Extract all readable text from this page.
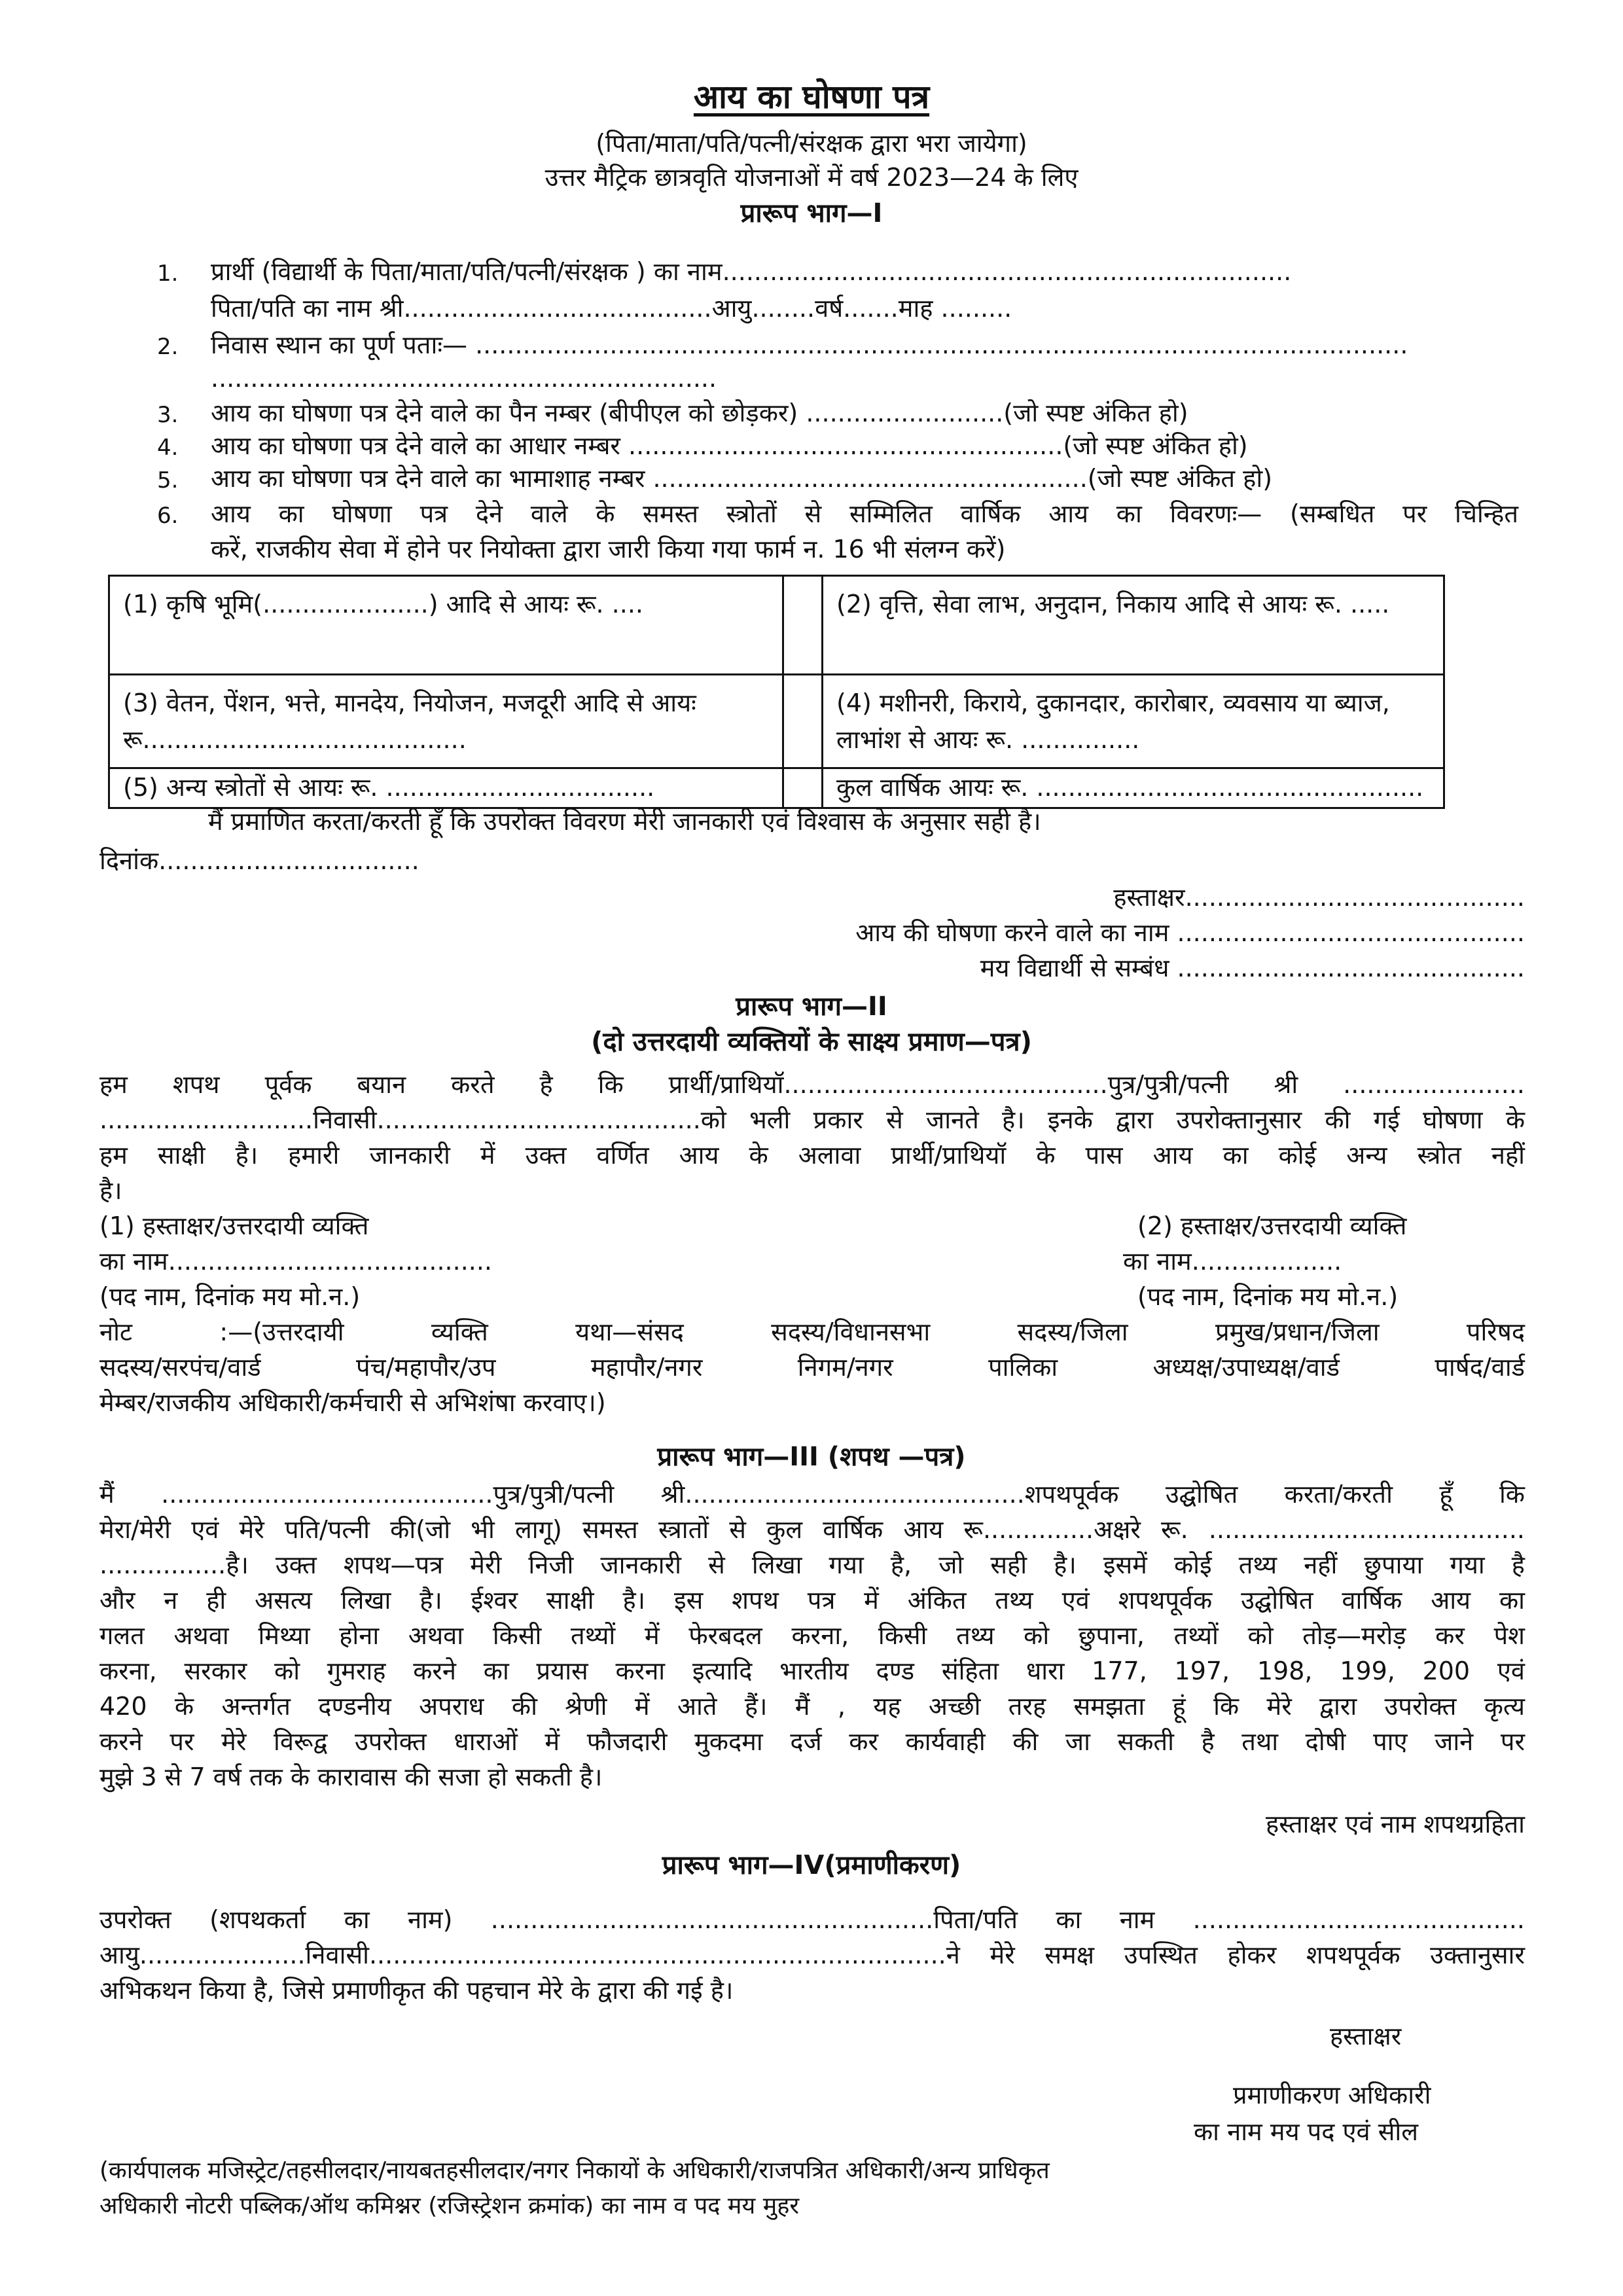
आय का घोषणा पत्र
(पिता/माता/पति/पत्नी/संरक्षक द्वारा भरा जायेगा)
उत्तर मैट्रिक छात्रवृति योजनाओं में वर्ष 2023—24 के लिए
प्रारूप भाग—I
1. प्रार्थी (विद्यार्थी के पिता/माता/पति/पत्नी/संरक्षक ) का नाम........................................................................
पिता/पति का नाम श्री.......................................आयु........वर्ष.......माह .........
2. निवास स्थान का पूर्ण पताः— ......................................................................................................................
................................................................
3. आय का घोषणा पत्र देने वाले का पैन नम्बर (बीपीएल को छोड़कर) .........................(जो स्पष्ट अंकित हो)
4. आय का घोषणा पत्र देने वाले का आधार नम्बर .......................................................(जो स्पष्ट अंकित हो)
5. आय का घोषणा पत्र देने वाले का भामाशाह नम्बर .......................................................(जो स्पष्ट अंकित हो)
6. आय का घोषणा पत्र देने वाले के समस्त स्त्रोतों से सम्मिलित वार्षिक आय का विवरणः— (सम्बधित पर चिन्हित
करें, राजकीय सेवा में होने पर नियोक्ता द्वारा जारी किया गया फार्म न. 16 भी संलग्न करें)
(1) कृषि भूमि(.....................) आदि से आयः रू. ....		(2) वृत्ति, सेवा लाभ, अनुदान, निकाय आदि से आयः रू. .....
(3) वेतन, पेंशन, भत्ते, मानदेय, नियोजन, मजदूरी आदि से आयः रू.........................................		(4) मशीनरी, किराये, दुकानदार, कारोबार, व्यवसाय या ब्याज, लाभांश से आयः रू. ...............
(5) अन्य स्त्रोतों से आयः रू. ..................................		कुल वार्षिक आयः रू. .................................................
मैं प्रमाणित करता/करती हूँ कि उपरोक्त विवरण मेरी जानकारी एवं विश्वास के अनुसार सही है।
दिनांक.................................
हस्ताक्षर...........................................
आय की घोषणा करने वाले का नाम ............................................
मय विद्यार्थी से सम्बंध ............................................
प्रारूप भाग—II
(दो उत्तरदायी व्यक्तियों के साक्ष्य प्रमाण—पत्र)
हम शपथ पूर्वक बयान करते है कि प्रार्थी/प्राथियॉ.........................................पुत्र/पुत्री/पत्नी श्री .......................
...........................निवासी.........................................को भली प्रकार से जानते है। इनके द्वारा उपरोक्तानुसार की गई घोषणा के
हम साक्षी है। हमारी जानकारी में उक्त वर्णित आय के अलावा प्रार्थी/प्राथियॉ के पास आय का कोई अन्य स्त्रोत नहीं
है।
(1) हस्ताक्षर/उत्तरदायी व्यक्ति
का नाम.........................................
(पद नाम, दिनांक मय मो.न.)
(2) हस्ताक्षर/उत्तरदायी व्यक्ति
का नाम...................
(पद नाम, दिनांक मय मो.न.)
नोट :—(उत्तरदायी व्यक्ति यथा—संसद सदस्य/विधानसभा सदस्य/जिला प्रमुख/प्रधान/जिला परिषद
सदस्य/सरपंच/वार्ड पंच/महापौर/उप महापौर/नगर निगम/नगर पालिका अध्यक्ष/उपाध्यक्ष/वार्ड पार्षद/वार्ड
मेम्बर/राजकीय अधिकारी/कर्मचारी से अभिशंषा करवाए।)
प्रारूप भाग—III (शपथ —पत्र)
मैं ..........................................पुत्र/पुत्री/पत्नी श्री...........................................शपथपूर्वक उद्घोषित करता/करती हूँ कि
मेरा/मेरी एवं मेरे पति/पत्नी की(जो भी लागू) समस्त स्त्रातों से कुल वार्षिक आय रू..............अक्षरे रू. ........................................
................है। उक्त शपथ—पत्र मेरी निजी जानकारी से लिखा गया है, जो सही है। इसमें कोई तथ्य नहीं छुपाया गया है
और न ही असत्य लिखा है। ईश्वर साक्षी है। इस शपथ पत्र में अंकित तथ्य एवं शपथपूर्वक उद्घोषित वार्षिक आय का
गलत अथवा मिथ्या होना अथवा किसी तथ्यों में फेरबदल करना, किसी तथ्य को छुपाना, तथ्यों को तोड़—मरोड़ कर पेश
करना, सरकार को गुमराह करने का प्रयास करना इत्यादि भारतीय दण्ड संहिता धारा 177, 197, 198, 199, 200 एवं
420 के अन्तर्गत दण्डनीय अपराध की श्रेणी में आते हैं। मैं , यह अच्छी तरह समझता हूं कि मेरे द्वारा उपरोक्त कृत्य
करने पर मेरे विरूद्व उपरोक्त धाराओं में फौजदारी मुकदमा दर्ज कर कार्यवाही की जा सकती है तथा दोषी पाए जाने पर
मुझे 3 से 7 वर्ष तक के कारावास की सजा हो सकती है।
हस्ताक्षर एवं नाम शपथग्रहिता
प्रारूप भाग—IV(प्रमाणीकरण)
उपरोक्त (शपथकर्ता का नाम) ........................................................पिता/पति का नाम ..........................................
आयु.....................निवासी.........................................................................ने मेरे समक्ष उपस्थित होकर शपथपूर्वक उक्तानुसार
अभिकथन किया है, जिसे प्रमाणीकृत की पहचान मेरे के द्वारा की गई है।
हस्ताक्षर
प्रमाणीकरण अधिकारी
का नाम मय पद एवं सील
(कार्यपालक मजिस्ट्रेट/तहसीलदार/नायबतहसीलदार/नगर निकायों के अधिकारी/राजपत्रित अधिकारी/अन्य प्राधिकृत
अधिकारी नोटरी पब्लिक/ऑथ कमिश्नर (रजिस्ट्रेशन क्रमांक) का नाम व पद मय मुहर
